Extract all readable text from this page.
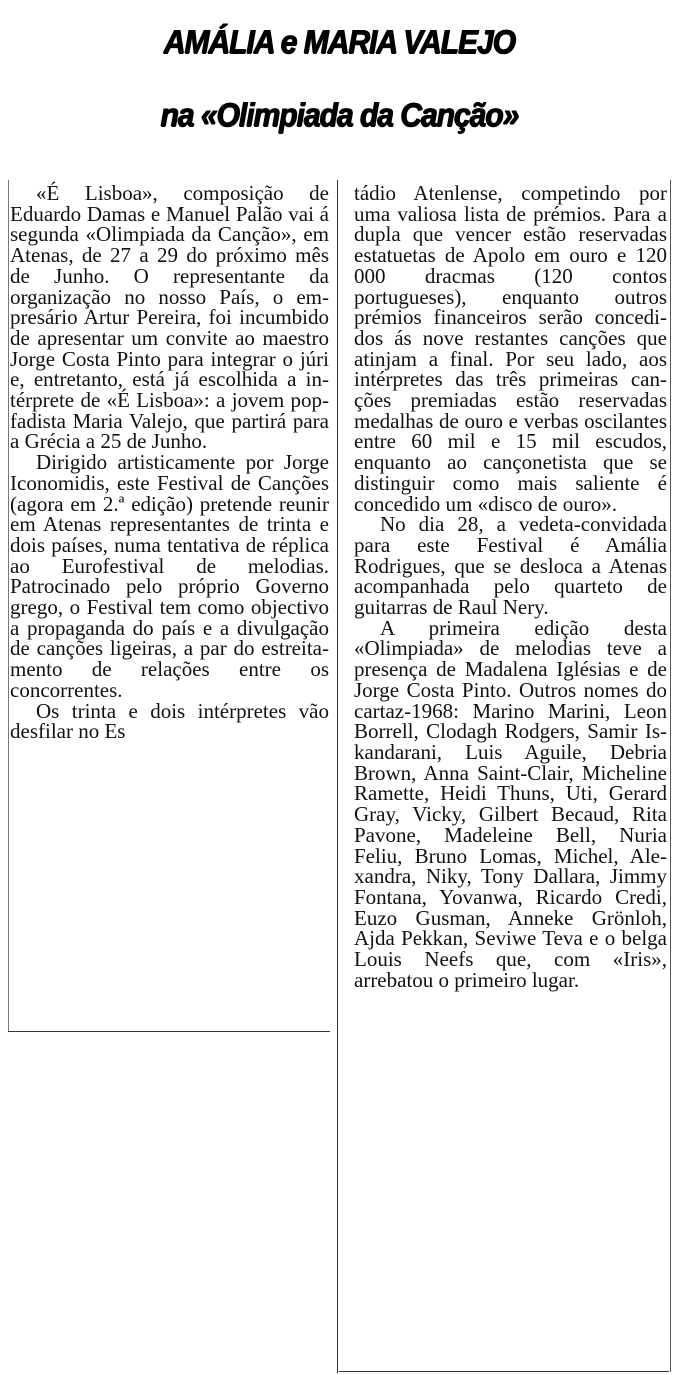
AMÁLIA e MARIA VALEJO
na «Olimpiada da Canção»

«É Lisboa», composição de Eduardo Damas e Manuel Palão vai á segunda «Olimpiada da Canção», em Atenas, de 27 a 29 do próximo mês de Junho. O representante da organização no nosso País, o empresário Artur Pereira, foi incumbido de apresentar um convite ao maestro Jorge Costa Pinto para integrar o júri e, entretanto, está já escolhida a intérprete de «É Lisboa»: a jovem pop-fadista Maria Valejo, que partirá para a Grécia a 25 de Junho.

Dirigido artisticamente por Jorge Iconomidis, este Festival de Canções (agora em 2.ª edição) pretende reunir em Atenas representantes de trinta e dois países, numa tentativa de réplica ao Eurofestival de melodias. Patrocinado pelo próprio Governo grego, o Festival tem como objectivo a propaganda do país e a divulgação de canções ligeiras, a par do estreitamento de relações entre os concorrentes.

Os trinta e dois intérpretes vão desfilar no Es

tádio Atenlense, competindo por uma valiosa lista de prémios. Para a dupla que vencer estão reservadas estatuetas de Apolo em ouro e 120 000 dracmas (120 contos portugueses), enquanto outros prémios financeiros serão concedidos ás nove restantes canções que atinjam a final. Por seu lado, aos intérpretes das três primeiras canções premiadas estão reservadas medalhas de ouro e verbas oscilantes entre 60 mil e 15 mil escudos, enquanto ao cançonetista que se distinguir como mais saliente é concedido um «disco de ouro».

No dia 28, a vedeta-convidada para este Festival é Amália Rodrigues, que se desloca a Atenas acompanhada pelo quarteto de guitarras de Raul Nery.

A primeira edição desta «Olimpiada» de melodias teve a presença de Madalena Iglésias e de Jorge Costa Pinto. Outros nomes do cartaz-1968: Marino Marini, Leon Borrell, Clodagh Rodgers, Samir Iskandarani, Luis Aguile, Debria Brown, Anna Saint-Clair, Micheline Ramette, Heidi Thuns, Uti, Gerard Gray, Vicky, Gilbert Becaud, Rita Pavone, Madeleine Bell, Nuria Feliu, Bruno Lomas, Michel, Alexandra, Niky, Tony Dallara, Jimmy Fontana, Yovanwa, Ricardo Credi, Euzo Gusman, Anneke Grönloh, Ajda Pekkan, Seviwe Teva e o belga Louis Neefs que, com «Iris», arrebatou o primeiro lugar.
